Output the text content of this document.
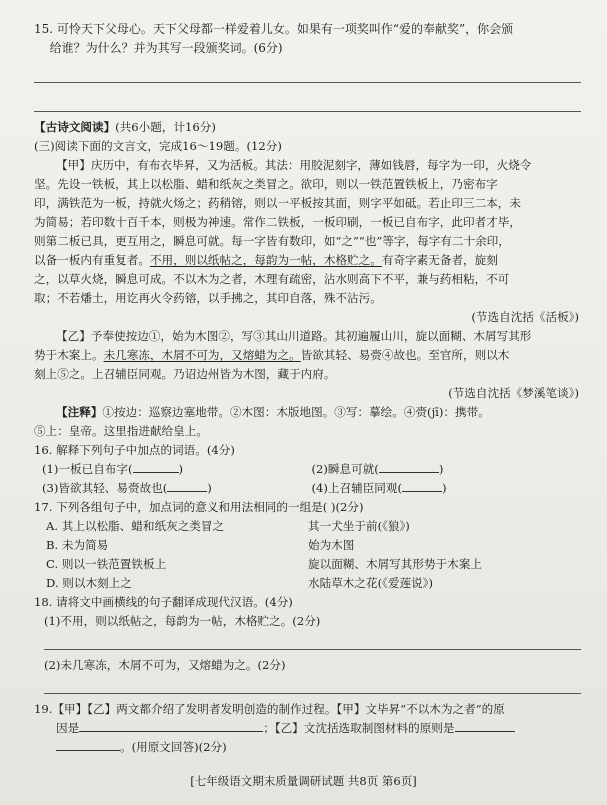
15. 可怜天下父母心。天下父母都一样爱着儿女。如果有一项奖叫作“爱的奉献奖”，你会颁
给谁？为什么？并为其写一段颁奖词。(6分)
【古诗文阅读】(共6小题，计16分)
(三)阅读下面的文言文，完成16～19题。(12分)
【甲】庆历中，有布衣毕昇，又为活板。其法：用胶泥刻字，薄如钱唇，每字为一印，火烧令
坚。先设一铁板，其上以松脂、蜡和纸灰之类冒之。欲印，则以一铁范置铁板上，乃密布字
印，满铁范为一板，持就火炀之；药稍镕，则以一平板按其面，则字平如砥。若止印三二本，未
为简易；若印数十百千本，则极为神速。常作二铁板，一板印刷，一板已自布字，此印者才毕，
则第二板已具，更互用之，瞬息可就。每一字皆有数印，如“之”“也”等字，每字有二十余印，
以备一板内有重复者。不用，则以纸帖之，每韵为一帖，木格贮之。有奇字素无备者，旋刻
之，以草火烧，瞬息可成。不以木为之者，木理有疏密，沾水则高下不平，兼与药相粘，不可
取；不若燔土，用讫再火令药镕，以手拂之，其印自落，殊不沾污。
(节选自沈括《活板》)
【乙】予奉使按边①，始为木图②，写③其山川道路。其初遍履山川，旋以面糊、木屑写其形
势于木案上。未几寒冻，木屑不可为，又熔蜡为之。皆欲其轻、易赍④故也。至官所，则以木
刻上⑤之。上召辅臣同观。乃诏边州皆为木图，藏于内府。
(节选自沈括《梦溪笔谈》)
【注释】①按边：巡察边塞地带。②木图：木版地图。③写：摹绘。④赍(jī)：携带。
⑤上：皇帝。这里指进献给皇上。
16. 解释下列句子中加点的词语。(4分)
(1)一板已自布字(	)	(2)瞬息可就(	)
(3)皆欲其轻、易赍故也(	)	(4)上召辅臣同观(	)
17. 下列各组句子中，加点词的意义和用法相同的一组是( )(2分)
A. 其上以松脂、蜡和纸灰之类冒之	其一犬坐于前(《狼》)
B. 未为简易	始为木图
C. 则以一铁范置铁板上	旋以面糊、木屑写其形势于木案上
D. 则以木刻上之	水陆草木之花(《爱莲说》)
18. 请将文中画横线的句子翻译成现代汉语。(4分)
(1)不用，则以纸帖之，每韵为一帖，木格贮之。(2分)
(2)未几寒冻，木屑不可为，又熔蜡为之。(2分)
19.【甲】【乙】两文都介绍了发明者发明创造的制作过程。【甲】文毕昇“不以木为之者”的原
因是	；【乙】文沈括选取制图材料的原则是
。(用原文回答)(2分)
[七年级语文期末质量调研试题 共8页 第6页]
